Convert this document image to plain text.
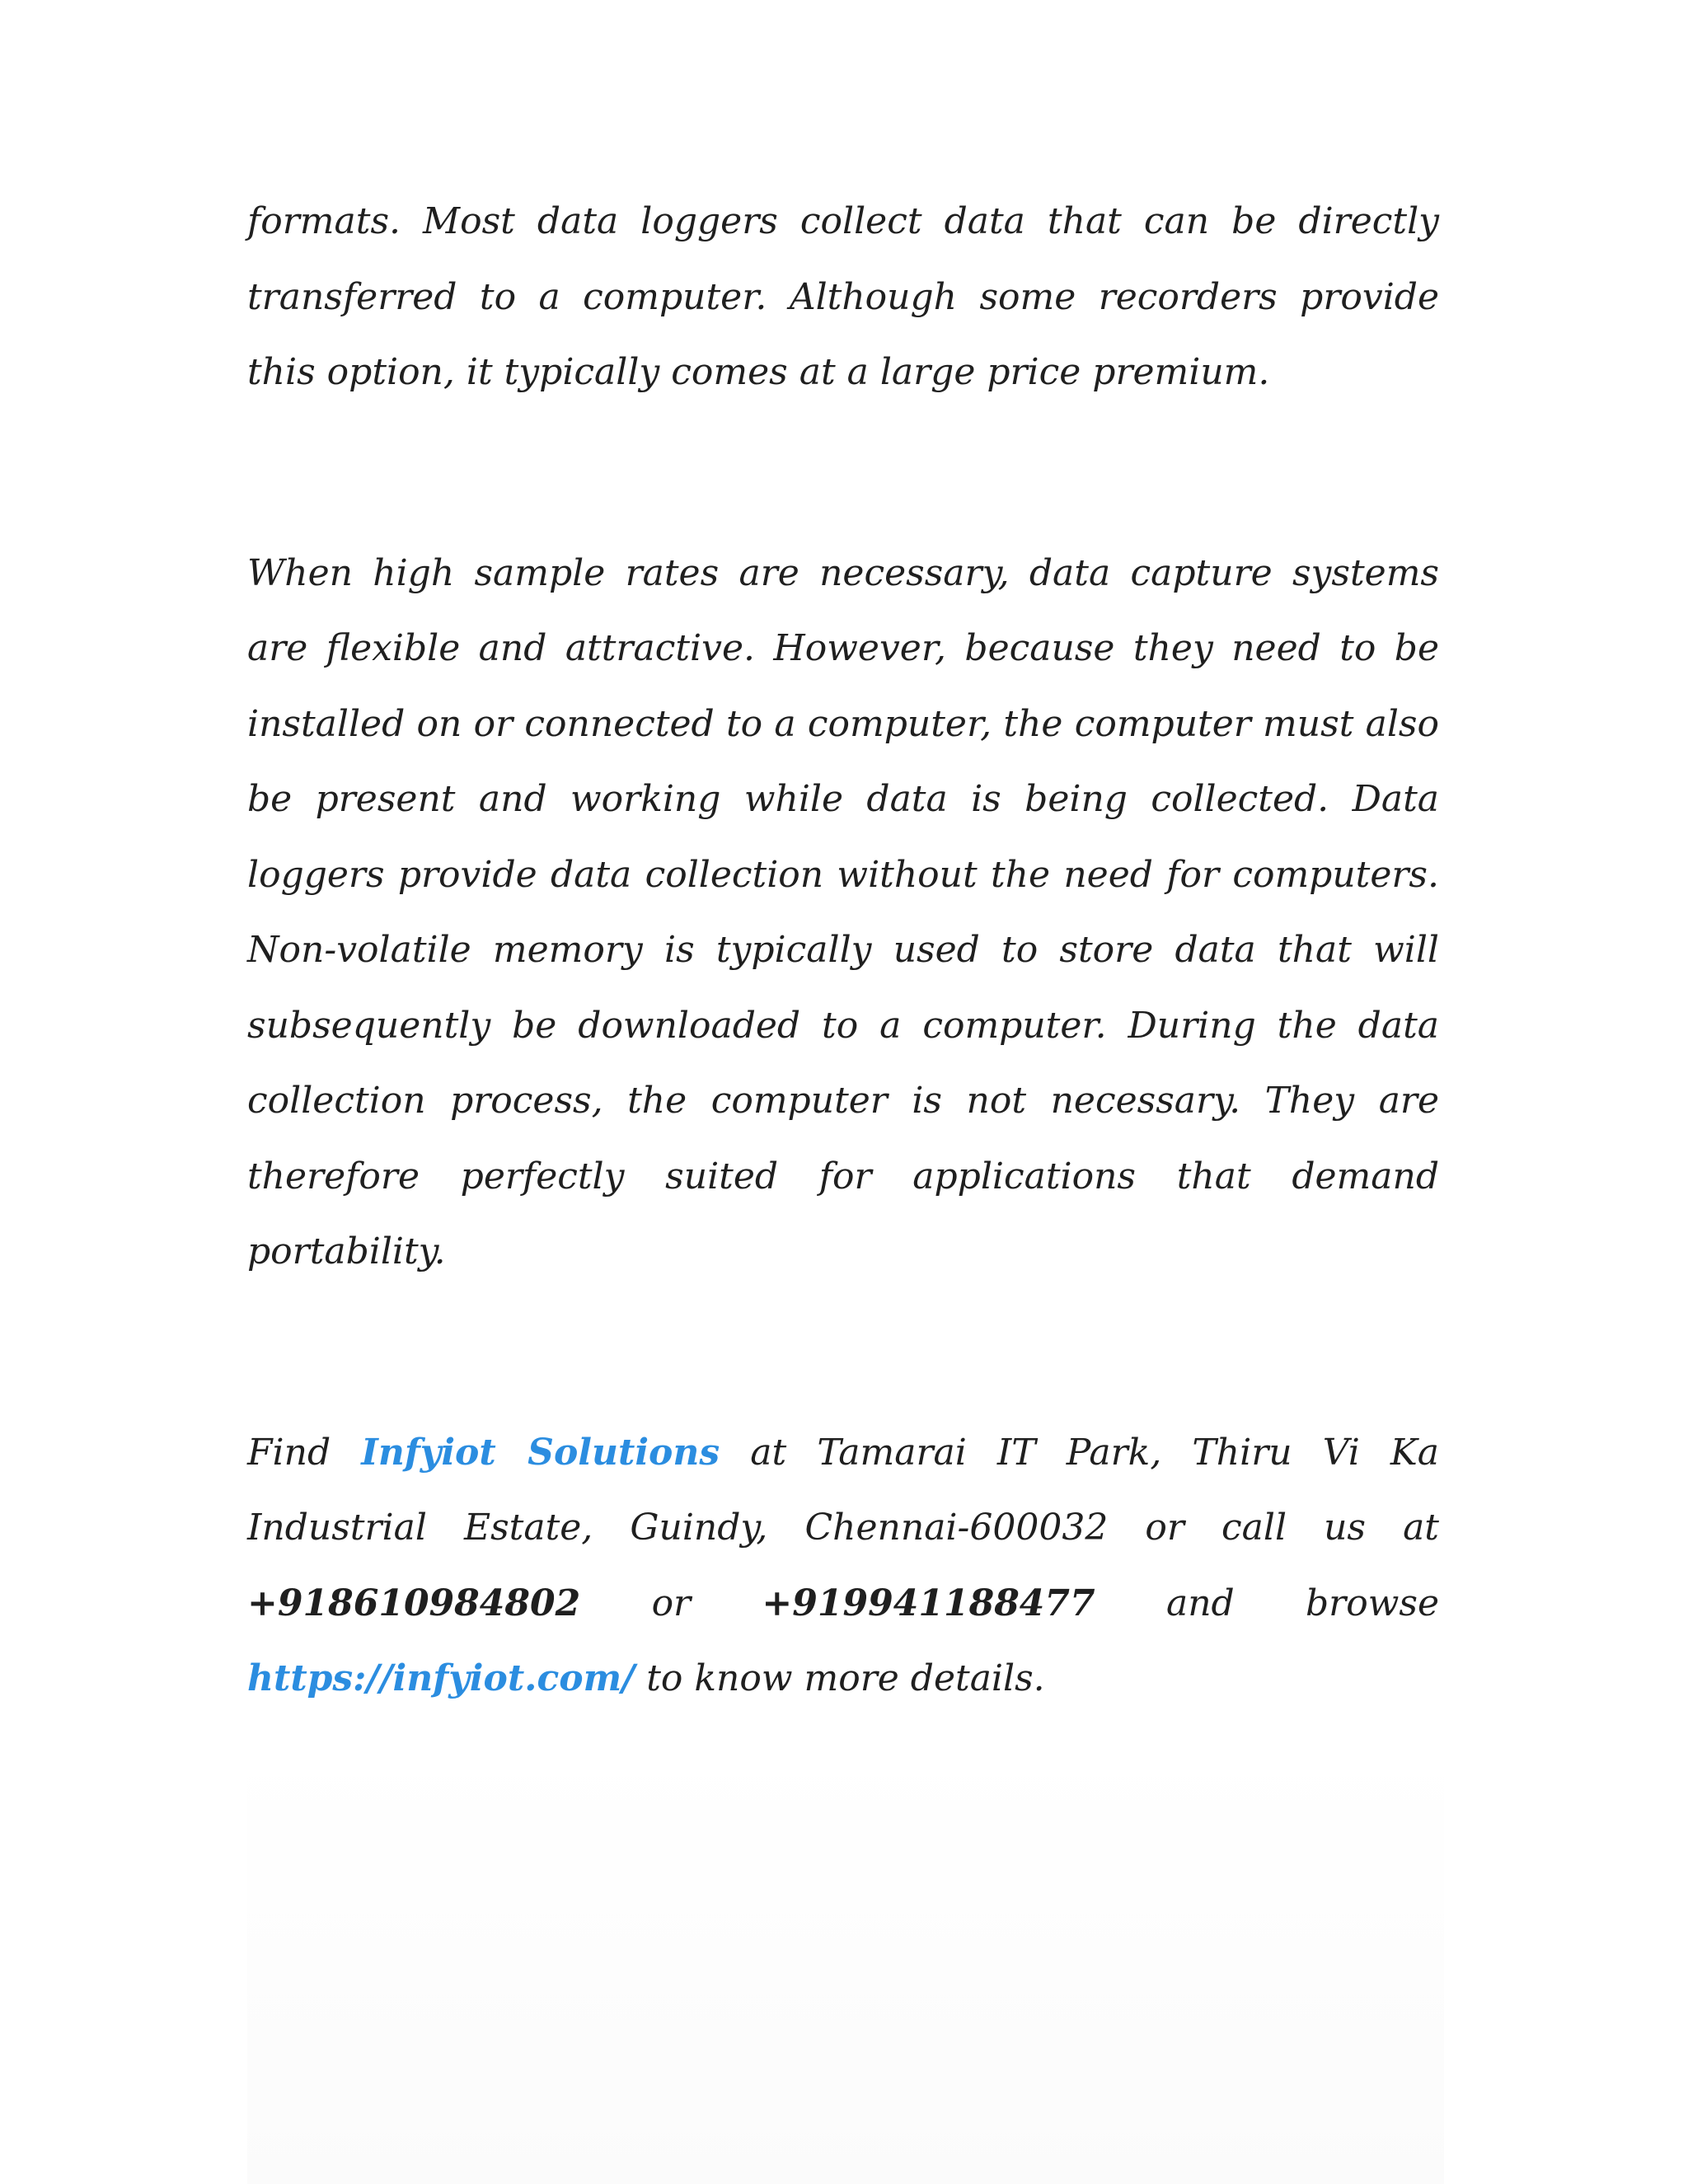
formats. Most data loggers collect data that can be directly transferred to a computer. Although some recorders provide this option, it typically comes at a large price premium.

When high sample rates are necessary, data capture systems are flexible and attractive. However, because they need to be installed on or connected to a computer, the computer must also be present and working while data is being collected. Data loggers provide data collection without the need for computers. Non-volatile memory is typically used to store data that will subsequently be downloaded to a computer. During the data collection process, the computer is not necessary. They are therefore perfectly suited for applications that demand portability.

Find Infyiot Solutions at Tamarai IT Park, Thiru Vi Ka Industrial Estate, Guindy, Chennai-600032 or call us at +918610984802 or +919941188477 and browse https://infyiot.com/ to know more details.
